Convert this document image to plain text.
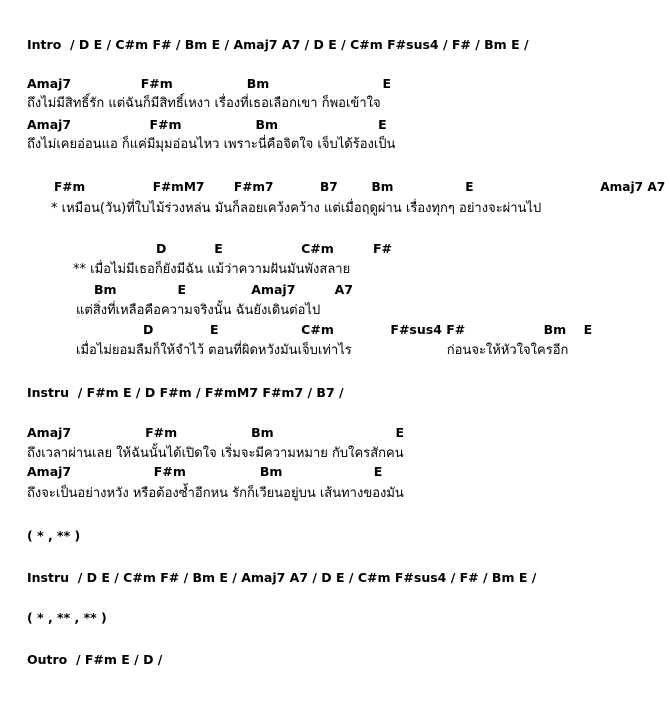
Intro  / D E / C#m F# / Bm E / Amaj7 A7 / D E / C#m F#sus4 / F# / Bm E /
Amaj7                F#m                 Bm                          E
ถึงไม่มีสิทธิ์รัก แต่ฉันก็มีสิทธิ์เหงา เรื่องที่เธอเลือกเขา ก็พอเข้าใจ
Amaj7                  F#m                 Bm                       E
ถึงไม่เคยอ่อนแอ ก็แค่มีมุมอ่อนไหว เพราะนี่คือจิตใจ เจ็บได้ร้องเป็น
F#m                F#mM7       F#m7           B7        Bm                 E                              Amaj7 A7
* เหมือน(วัน)ที่ใบไม้ร่วงหล่น มันก็ลอยเคว้งคว้าง แต่เมื่อฤดูผ่าน เรื่องทุกๆ อย่างจะผ่านไป
D           E                  C#m         F#
** เมื่อไม่มีเธอก็ยังมีฉัน แม้ว่าความฝันมันพังสลาย
Bm              E               Amaj7         A7
แต่สิ่งที่เหลือคือความจริงนั้น ฉันยังเดินต่อไป
D             E                   C#m             F#sus4 F#                  Bm    E
เมื่อไม่ยอมลืมก็ให้จำไว้ ตอนที่ผิดหวังมันเจ็บเท่าไร                       ก่อนจะให้หัวใจใครอีก
Instru  / F#m E / D F#m / F#mM7 F#m7 / B7 /
Amaj7                 F#m                 Bm                            E
ถึงเวลาผ่านเลย ให้ฉันนั้นได้เปิดใจ เริ่มจะมีความหมาย กับใครสักคน
Amaj7                   F#m                 Bm                     E
ถึงจะเป็นอย่างหวัง หรือต้องซ้ำอีกหน รักก็เวียนอยู่บน เส้นทางของมัน
( * , ** )
Instru  / D E / C#m F# / Bm E / Amaj7 A7 / D E / C#m F#sus4 / F# / Bm E /
( * , ** , ** )
Outro  / F#m E / D /
